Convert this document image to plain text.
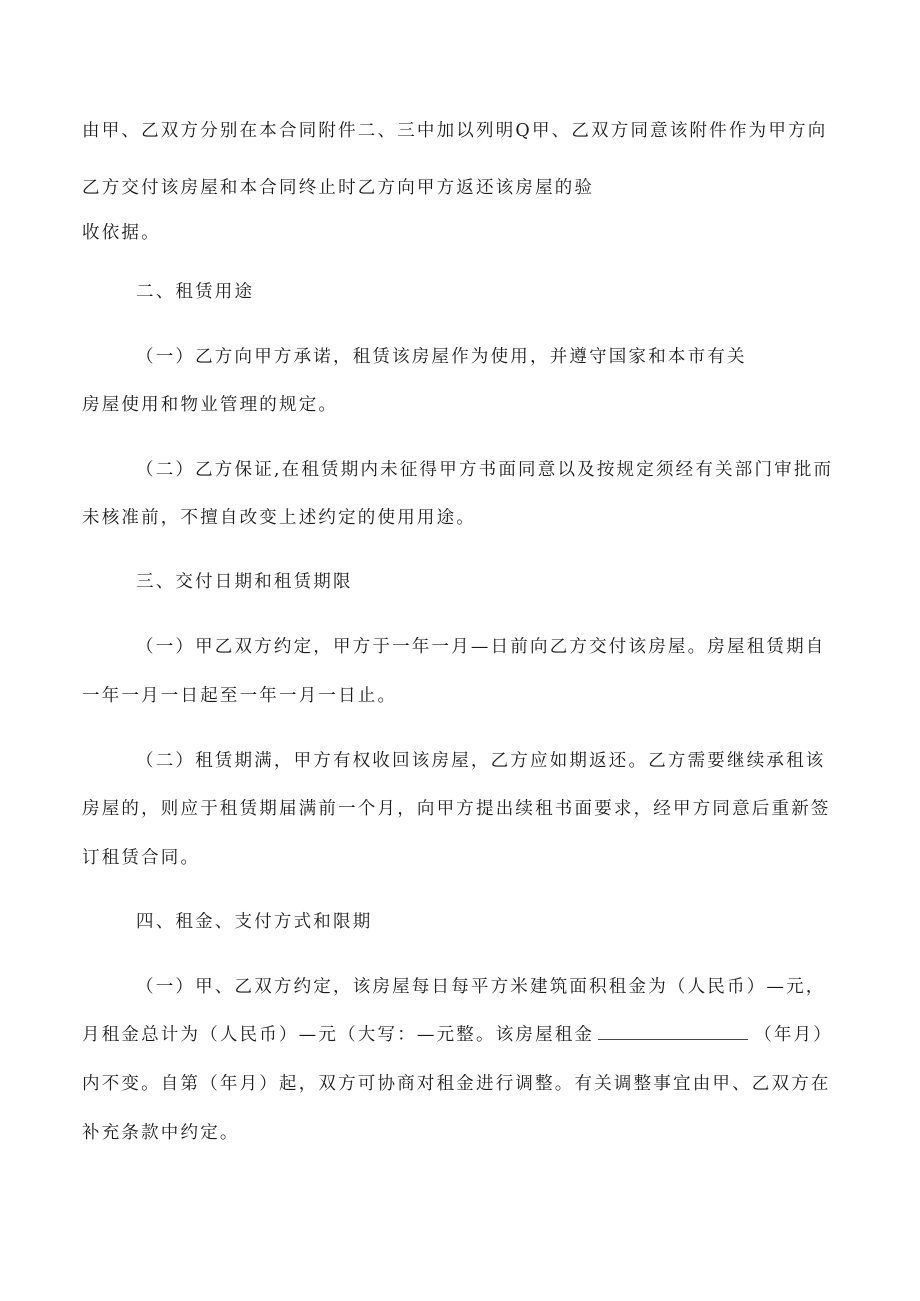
由甲、乙双方分别在本合同附件二、三中加以列明Q甲、乙双方同意该附件作为甲方向
乙方交付该房屋和本合同终止时乙方向甲方返还该房屋的验
收依据。
二、租赁用途
（一）乙方向甲方承诺，租赁该房屋作为使用，并遵守国家和本市有关
房屋使用和物业管理的规定。
（二）乙方保证,在租赁期内未征得甲方书面同意以及按规定须经有关部门审批而
未核准前，不擅自改变上述约定的使用用途。
三、交付日期和租赁期限
（一）甲乙双方约定，甲方于一年一月—日前向乙方交付该房屋。房屋租赁期自
一年一月一日起至一年一月一日止。
（二）租赁期满，甲方有权收回该房屋，乙方应如期返还。乙方需要继续承租该
房屋的，则应于租赁期届满前一个月，向甲方提出续租书面要求，经甲方同意后重新签
订租赁合同。
四、租金、支付方式和限期
（一）甲、乙双方约定，该房屋每日每平方米建筑面积租金为（人民币）—元，
月租金总计为（人民币）—元（大写：—元整。该房屋租金	（年月）
内不变。自第（年月）起，双方可协商对租金进行调整。有关调整事宜由甲、乙双方在
补充条款中约定。
